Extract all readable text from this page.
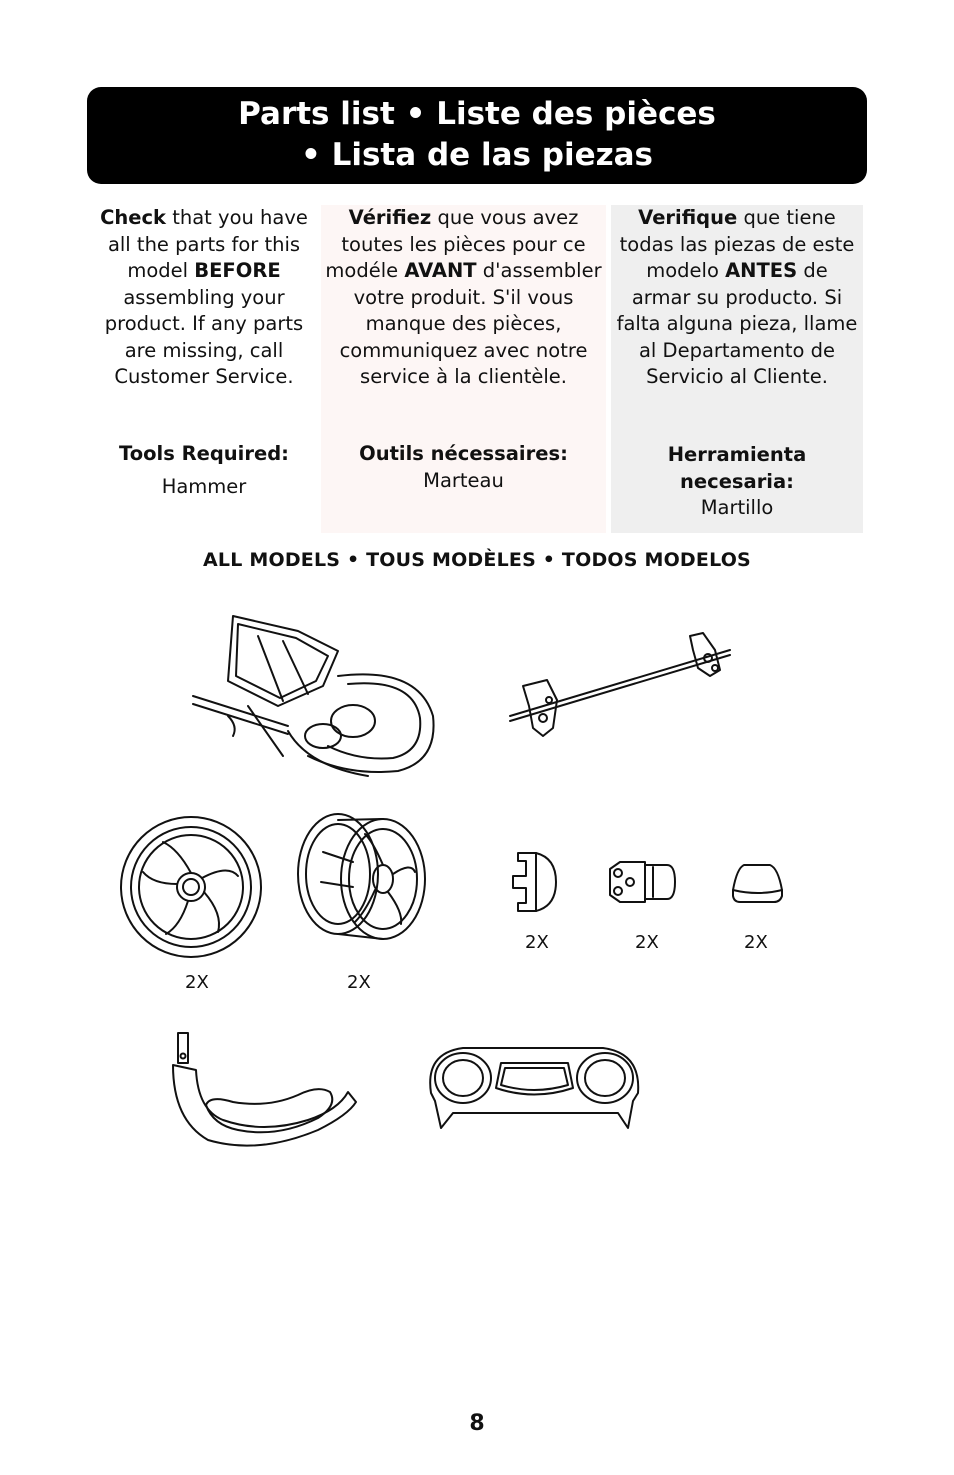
Parts list • Liste des pièces
• Lista de las piezas

Check that you have all the parts for this model BEFORE assembling your product. If any parts are missing, call Customer Service.

Tools Required:
Hammer

Vérifiez que vous avez toutes les pièces pour ce modéle AVANT d'assembler votre produit. S'il vous manque des pièces, communiquez avec notre service à la clientèle.

Outils nécessaires:
Marteau

Verifique que tiene todas las piezas de este modelo ANTES de armar su producto. Si falta alguna pieza, llame al Departamento de Servicio al Cliente.

Herramienta necesaria:
Martillo
ALL MODELS • TOUS MODÈLES • TODOS MODELOS
2X	2X
2X	2X	2X
8
